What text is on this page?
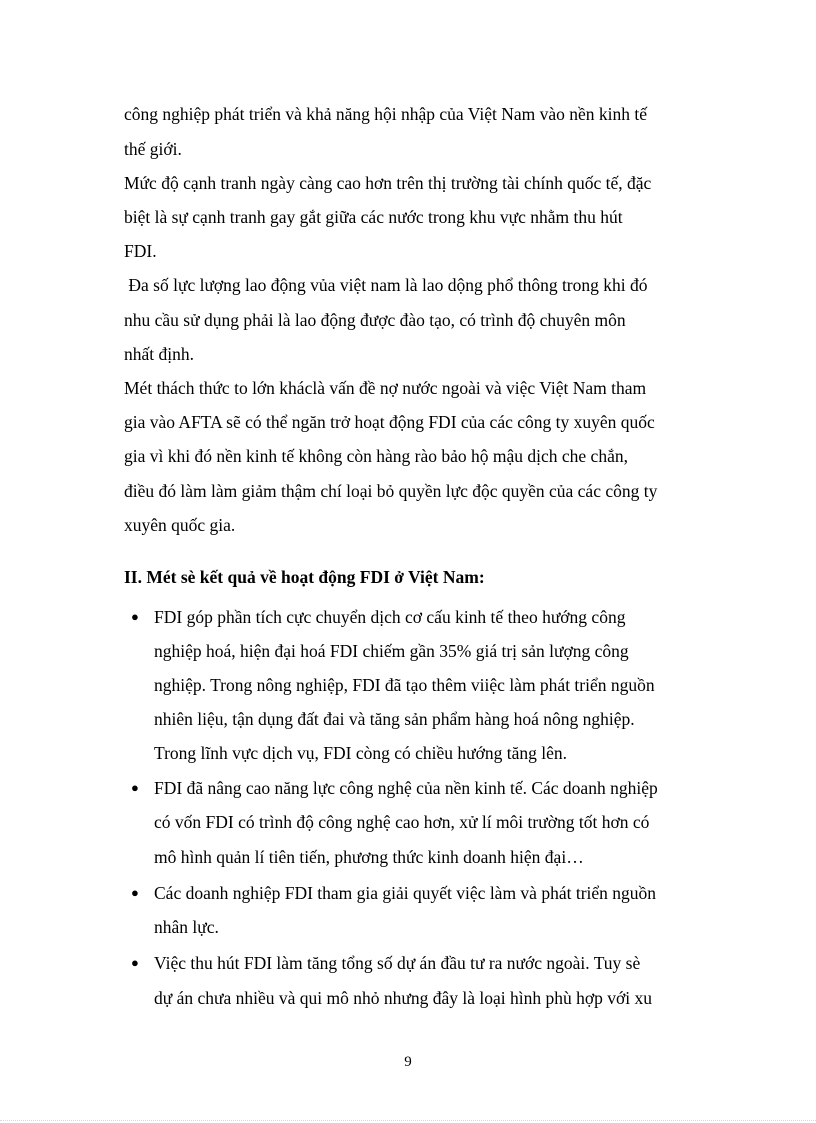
công nghiệp phát triển và khả năng hội nhập của Việt Nam vào nền kinh tế
thế giới.
Mức độ cạnh tranh ngày càng cao hơn trên thị trường tài chính quốc tế, đặc
biệt là sự cạnh tranh gay gắt giữa các nước trong khu vực nhằm thu hút
FDI.
Đa số lực lượng lao động vủa việt nam là lao dộng phổ thông trong khi đó
nhu cầu sử dụng phải là lao động được đào tạo, có trình độ chuyên môn
nhất định.
Mét thách thức to lớn kháclà vấn đề nợ nước ngoài và việc Việt Nam tham
gia vào AFTA sẽ có thể ngăn trở hoạt động FDI của các công ty xuyên quốc
gia vì khi đó nền kinh tế không còn hàng rào bảo hộ mậu dịch che chắn,
điều đó làm làm giảm thậm chí loại bỏ quyền lực độc quyền của các công ty
xuyên quốc gia.
II. Mét sè kết quả về hoạt động FDI ở Việt Nam:
● FDI góp phần tích cực chuyển dịch cơ cấu kinh tế theo hướng công
nghiệp hoá, hiện đại hoá FDI chiếm gần 35% giá trị sản lượng công
nghiệp. Trong nông nghiệp, FDI đã tạo thêm viiệc làm phát triển nguồn
nhiên liệu, tận dụng đất đai và tăng sản phẩm hàng hoá nông nghiệp.
Trong lĩnh vực dịch vụ, FDI còng có chiều hướng tăng lên.
● FDI đã nâng cao năng lực công nghệ của nền kinh tế. Các doanh nghiệp
có vốn FDI có trình độ công nghệ cao hơn, xử lí môi trường tốt hơn có
mô hình quản lí tiên tiến, phương thức kinh doanh hiện đại…
● Các doanh nghiệp FDI tham gia giải quyết việc làm và phát triển nguồn
nhân lực.
● Việc thu hút FDI làm tăng tổng số dự án đầu tư ra nước ngoài. Tuy sè
dự án chưa nhiều và qui mô nhỏ nhưng đây là loại hình phù hợp với xu
9
